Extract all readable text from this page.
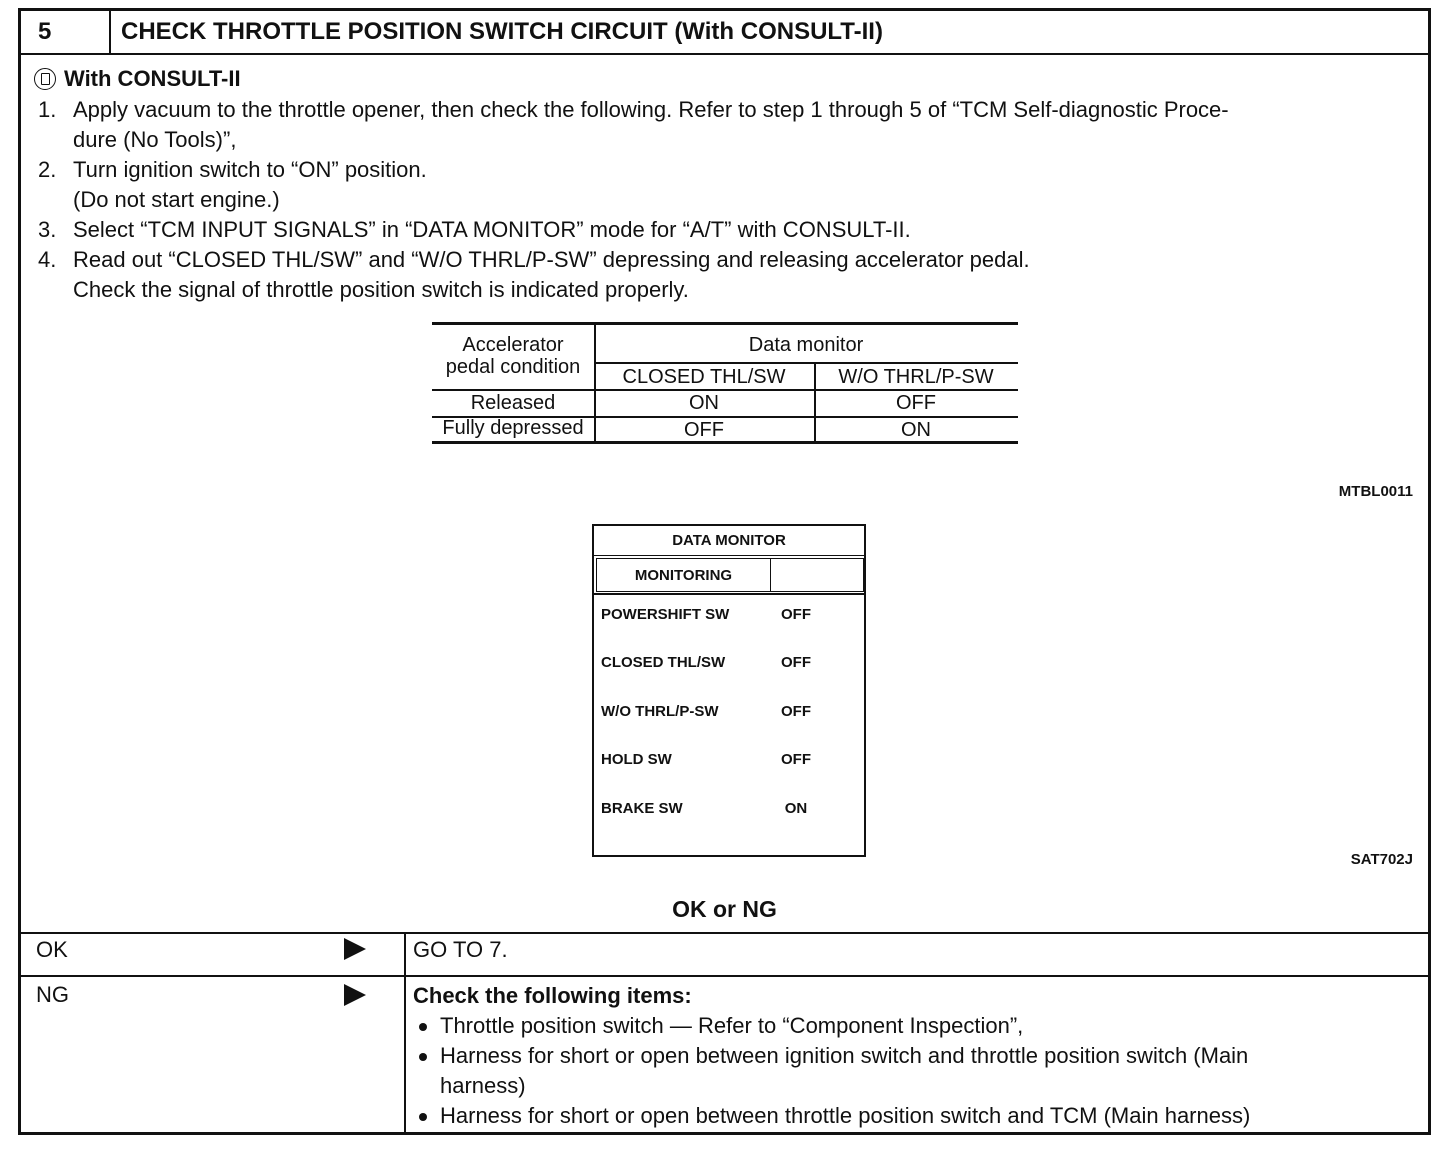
5	CHECK THROTTLE POSITION SWITCH CIRCUIT (With CONSULT-II)
With CONSULT-II
1. Apply vacuum to the throttle opener, then check the following. Refer to step 1 through 5 of “TCM Self-diagnostic Proce-
dure (No Tools)”,
2. Turn ignition switch to “ON” position.
(Do not start engine.)
3. Select “TCM INPUT SIGNALS” in “DATA MONITOR” mode for “A/T” with CONSULT-II.
4. Read out “CLOSED THL/SW” and “W/O THRL/P-SW” depressing and releasing accelerator pedal.
Check the signal of throttle position switch is indicated properly.
Accelerator
pedal condition
Data monitor
CLOSED THL/SW	W/O THRL/P-SW
Released	ON	OFF
Fully depressed	OFF	ON
MTBL0011
DATA MONITOR
MONITORING
POWERSHIFT SW	OFF
CLOSED THL/SW	OFF
W/O THRL/P-SW	OFF
HOLD SW	OFF
BRAKE SW	ON
SAT702J
OK or NG
OK	GO TO 7.
NG	Check the following items:
Throttle position switch — Refer to “Component Inspection”,
Harness for short or open between ignition switch and throttle position switch (Main
harness)
Harness for short or open between throttle position switch and TCM (Main harness)
